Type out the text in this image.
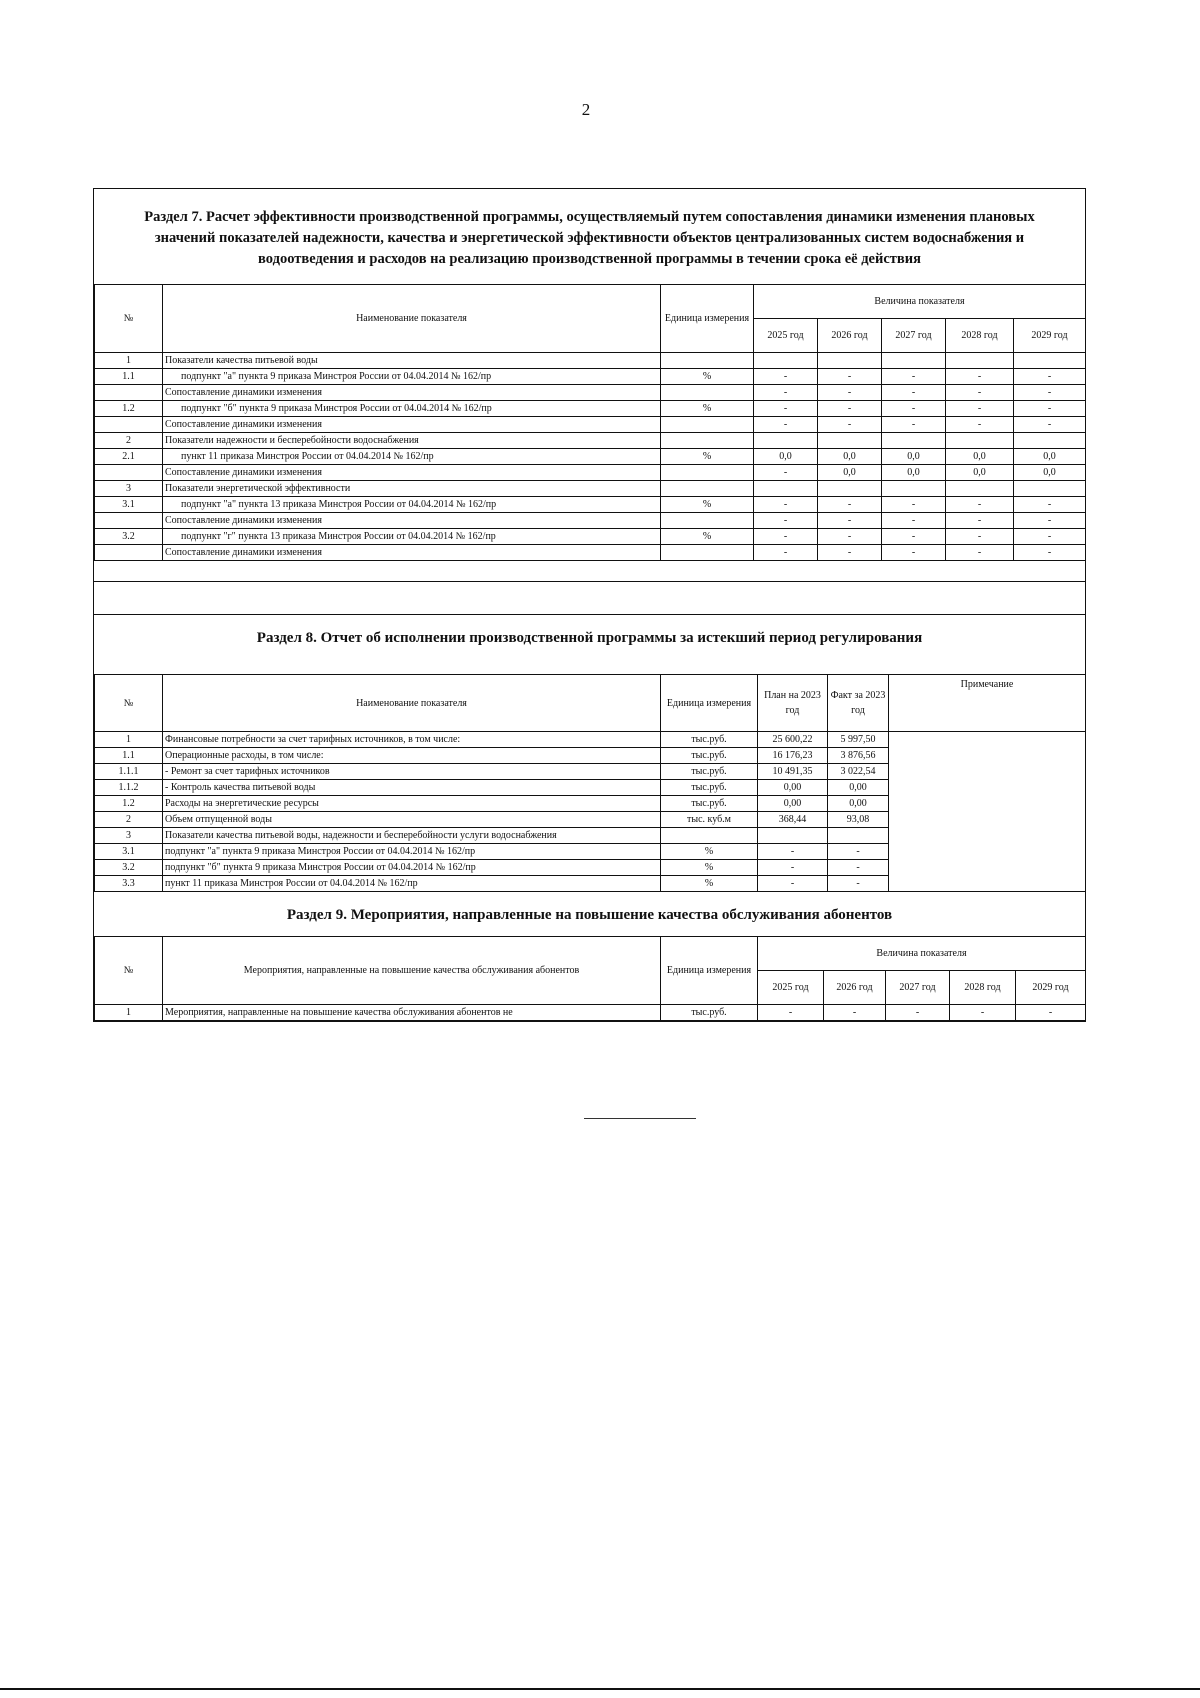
2
Раздел 7. Расчет эффективности производственной программы, осуществляемый путем сопоставления динамики изменения плановых значений показателей надежности, качества и энергетической эффективности объектов централизованных систем водоснабжения и водоотведения и расходов на реализацию производственной программы в течении срока её действия
№	Наименование показателя	Единица измерения	Величина показателя				
			2025 год	2026 год	2027 год	2028 год	2029 год
1	Показатели качества питьевой воды						
1.1	подпункт "а" пункта 9 приказа Минстроя России от 04.04.2014 № 162/пр	%	-	-	-	-	-
	Сопоставление динамики изменения		-	-	-	-	-
1.2	подпункт "б" пункта 9 приказа Минстроя России от 04.04.2014 № 162/пр	%	-	-	-	-	-
	Сопоставление динамики изменения		-	-	-	-	-
2	Показатели надежности и бесперебойности водоснабжения						
2.1	пункт 11 приказа Минстроя России от 04.04.2014 № 162/пр	%	0,0	0,0	0,0	0,0	0,0
	Сопоставление динамики изменения		-	0,0	0,0	0,0	0,0
3	Показатели энергетической эффективности						
3.1	подпункт "а" пункта 13 приказа Минстроя России от 04.04.2014 № 162/пр	%	-	-	-	-	-
	Сопоставление динамики изменения		-	-	-	-	-
3.2	подпункт "г" пункта 13 приказа Минстроя России от 04.04.2014 № 162/пр	%	-	-	-	-	-
	Сопоставление динамики изменения		-	-	-	-	-
Раздел 8. Отчет об исполнении производственной программы за истекший период регулирования
№	Наименование показателя	Единица измерения	План на 2023 год	Факт за 2023 год	Примечание
1	Финансовые потребности за счет тарифных источников, в том числе:	тыс.руб.	25 600,22	5 997,50	
1.1	Операционные расходы, в том числе:	тыс.руб.	16 176,23	3 876,56	
1.1.1	- Ремонт за счет тарифных источников	тыс.руб.	10 491,35	3 022,54	
1.1.2	- Контроль качества питьевой воды	тыс.руб.	0,00	0,00	
1.2	Расходы на энергетические ресурсы	тыс.руб.	0,00	0,00	
2	Объем отпущенной воды	тыс. куб.м	368,44	93,08	
3	Показатели качества питьевой воды, надежности и бесперебойности услуги водоснабжения				
3.1	подпункт "а" пункта 9 приказа Минстроя России от 04.04.2014 № 162/пр	%	-	-	
3.2	подпункт "б" пункта 9 приказа Минстроя России от 04.04.2014 № 162/пр	%	-	-	
3.3	пункт 11 приказа Минстроя России от 04.04.2014 № 162/пр	%	-	-	
Раздел 9. Мероприятия, направленные на повышение качества обслуживания абонентов
№	Мероприятия, направленные на повышение качества обслуживания абонентов	Единица измерения	Величина показателя				
			2025 год	2026 год	2027 год	2028 год	2029 год
1	Мероприятия, направленные на повышение качества обслуживания абонентов не	тыс.руб.	-	-	-	-	-
